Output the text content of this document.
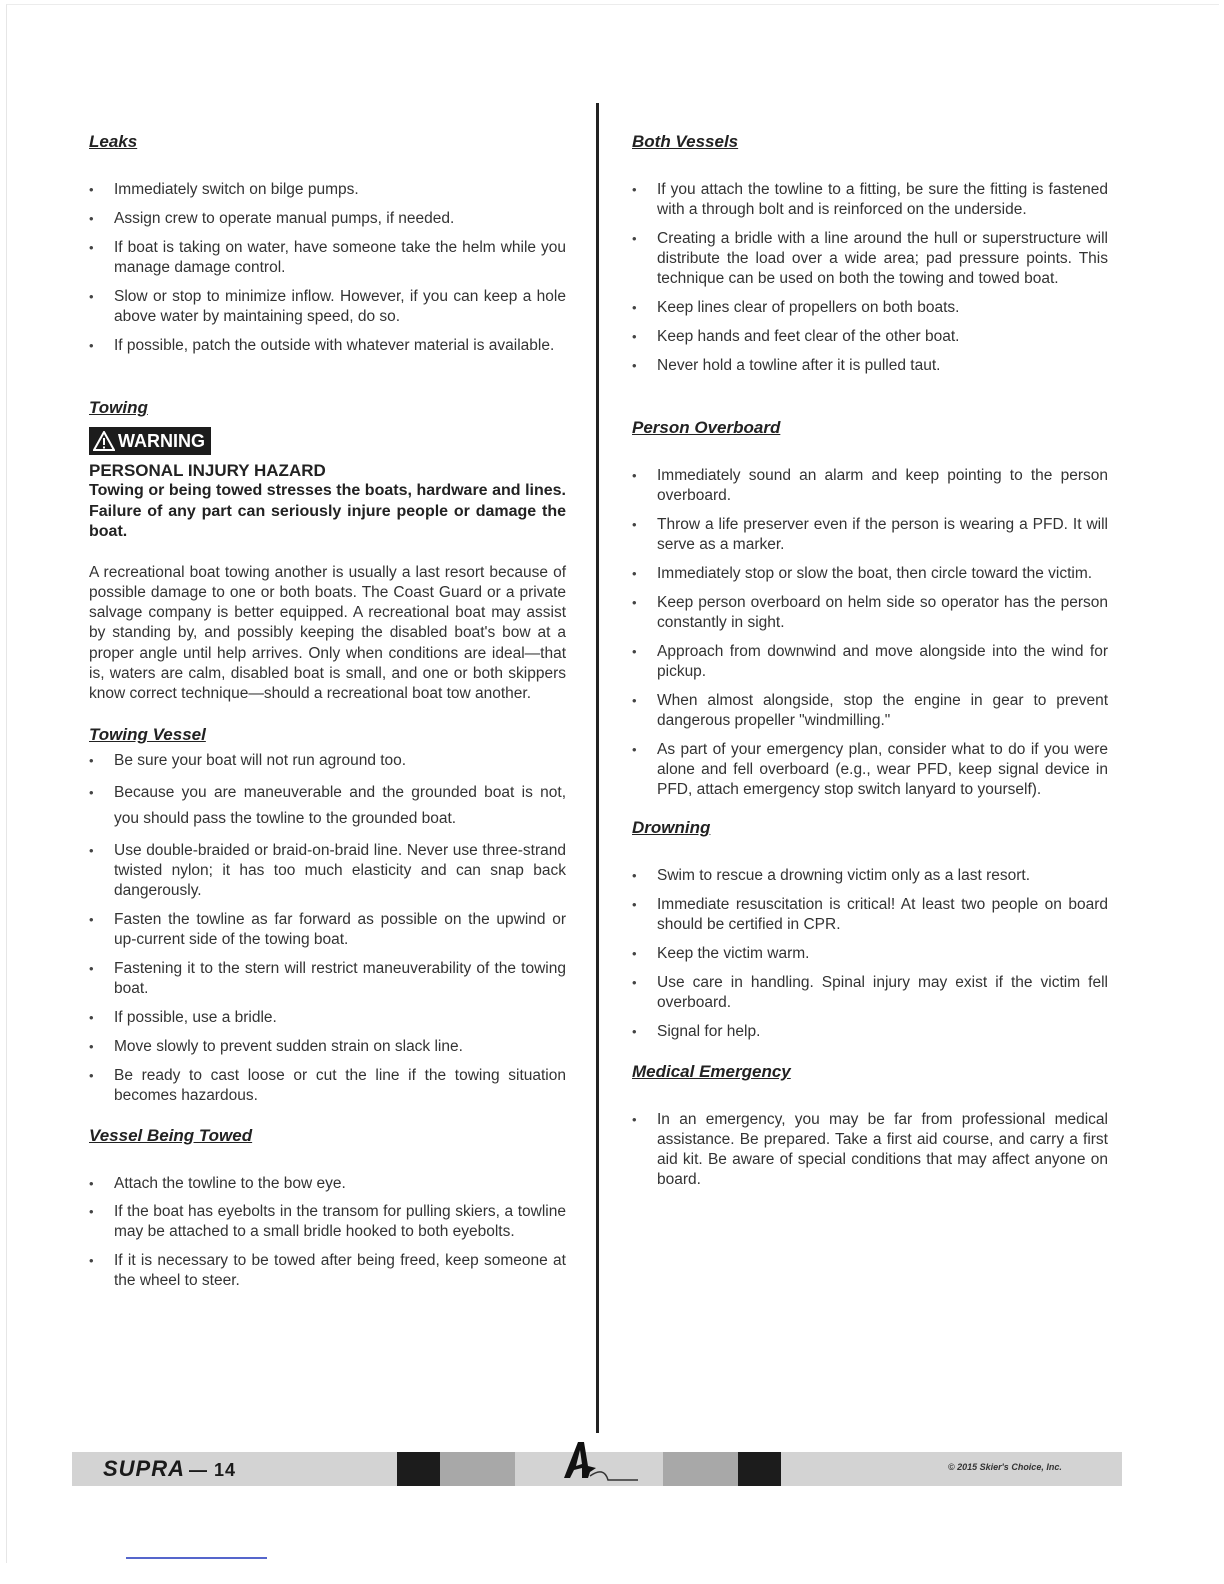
Leaks
• Immediately switch on bilge pumps.
• Assign crew to operate manual pumps, if needed.
• If boat is taking on water, have someone take the helm while you manage damage control.
• Slow or stop to minimize inflow. However, if you can keep a hole above water by maintaining speed, do so.
• If possible, patch the outside with whatever material is available.
Towing
WARNING

PERSONAL INJURY HAZARD

Towing or being towed stresses the boats, hardware and lines. Failure of any part can seriously injure people or damage the boat.

A recreational boat towing another is usually a last resort because of possible damage to one or both boats. The Coast Guard or a private salvage company is better equipped. A recreational boat may assist by standing by, and possibly keeping the disabled boat's bow at a proper angle until help arrives. Only when conditions are ideal—that is, waters are calm, disabled boat is small, and one or both skippers know correct technique—should a recreational boat tow another.

Towing Vessel
• Be sure your boat will not run aground too.
• Because you are maneuverable and the grounded boat is not, you should pass the towline to the grounded boat.
• Use double-braided or braid-on-braid line. Never use three-strand twisted nylon; it has too much elasticity and can snap back dangerously.
• Fasten the towline as far forward as possible on the upwind or up-current side of the towing boat.
• Fastening it to the stern will restrict maneuverability of the towing boat.
• If possible, use a bridle.
• Move slowly to prevent sudden strain on slack line.
• Be ready to cast loose or cut the line if the towing situation becomes hazardous.
Vessel Being Towed
• Attach the towline to the bow eye.
• If the boat has eyebolts in the transom for pulling skiers, a towline may be attached to a small bridle hooked to both eyebolts.
• If it is necessary to be towed after being freed, keep someone at the wheel to steer.
Both Vessels
• If you attach the towline to a fitting, be sure the fitting is fastened with a through bolt and is reinforced on the underside.
• Creating a bridle with a line around the hull or superstructure will distribute the load over a wide area; pad pressure points. This technique can be used on both the towing and towed boat.
• Keep lines clear of propellers on both boats.
• Keep hands and feet clear of the other boat.
• Never hold a towline after it is pulled taut.
Person Overboard
• Immediately sound an alarm and keep pointing to the person overboard.
• Throw a life preserver even if the person is wearing a PFD. It will serve as a marker.
• Immediately stop or slow the boat, then circle toward the victim.
• Keep person overboard on helm side so operator has the person constantly in sight.
• Approach from downwind and move alongside into the wind for pickup.
• When almost alongside, stop the engine in gear to prevent dangerous propeller "windmilling."
• As part of your emergency plan, consider what to do if you were alone and fell overboard (e.g., wear PFD, keep signal device in PFD, attach emergency stop switch lanyard to yourself).
Drowning
• Swim to rescue a drowning victim only as a last resort.
• Immediate resuscitation is critical! At least two people on board should be certified in CPR.
• Keep the victim warm.
• Use care in handling. Spinal injury may exist if the victim fell overboard.
• Signal for help.
Medical Emergency
• In an emergency, you may be far from professional medical assistance. Be prepared. Take a first aid course, and carry a first aid kit. Be aware of special conditions that may affect anyone on board.
SUPRA — 14	© 2015 Skier's Choice, Inc.
